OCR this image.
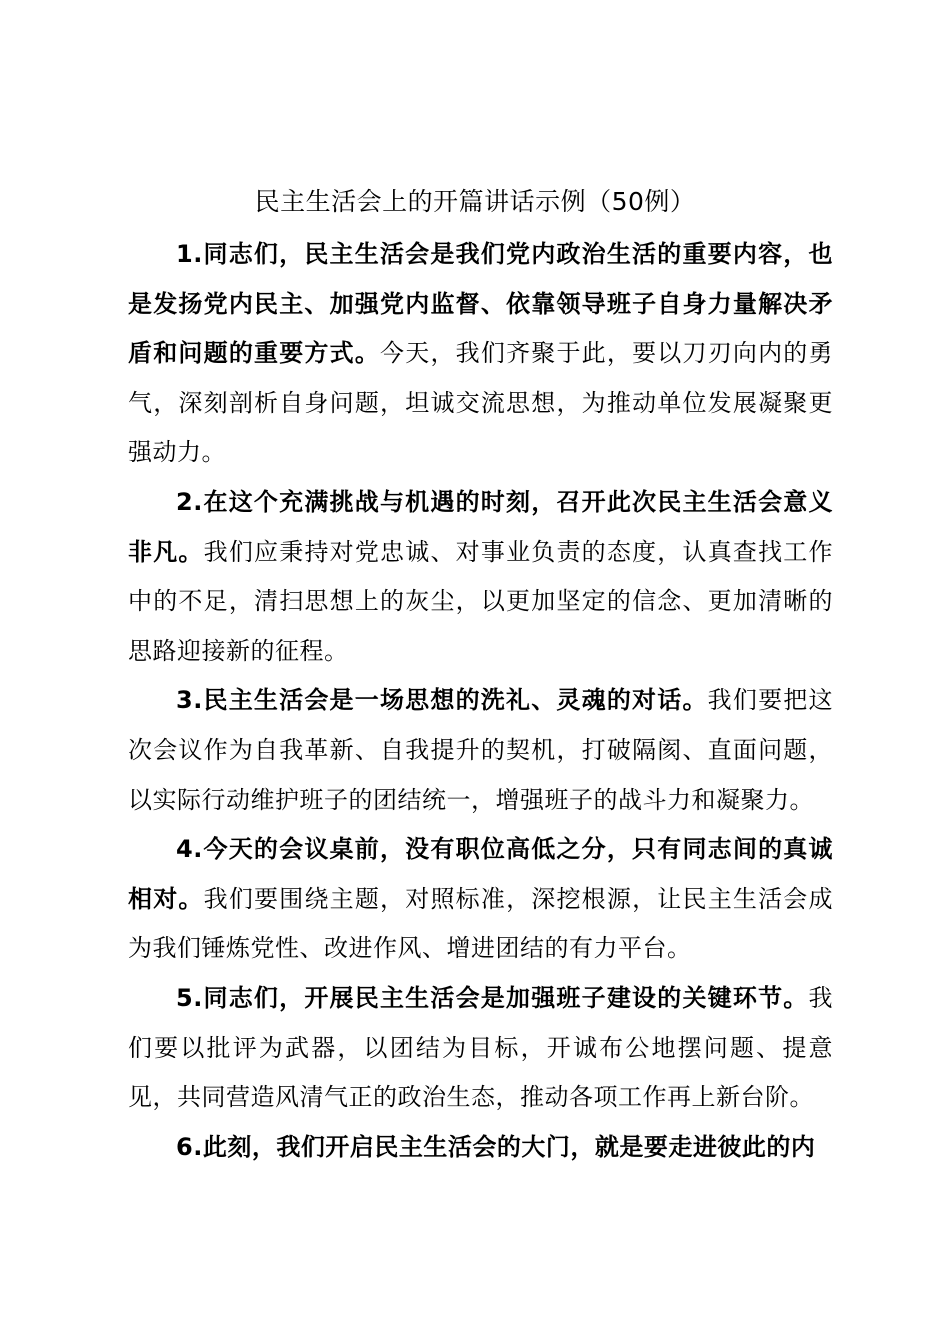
民主生活会上的开篇讲话示例（50例）

1.同志们，民主生活会是我们党内政治生活的重要内容，也是发扬党内民主、加强党内监督、依靠领导班子自身力量解决矛盾和问题的重要方式。今天，我们齐聚于此，要以刀刃向内的勇气，深刻剖析自身问题，坦诚交流思想，为推动单位发展凝聚更强动力。

2.在这个充满挑战与机遇的时刻，召开此次民主生活会意义非凡。我们应秉持对党忠诚、对事业负责的态度，认真查找工作中的不足，清扫思想上的灰尘，以更加坚定的信念、更加清晰的思路迎接新的征程。

3.民主生活会是一场思想的洗礼、灵魂的对话。我们要把这次会议作为自我革新、自我提升的契机，打破隔阂、直面问题，以实际行动维护班子的团结统一，增强班子的战斗力和凝聚力。

4.今天的会议桌前，没有职位高低之分，只有同志间的真诚相对。我们要围绕主题，对照标准，深挖根源，让民主生活会成为我们锤炼党性、改进作风、增进团结的有力平台。

5.同志们，开展民主生活会是加强班子建设的关键环节。我们要以批评为武器，以团结为目标，开诚布公地摆问题、提意见，共同营造风清气正的政治生态，推动各项工作再上新台阶。

6.此刻，我们开启民主生活会的大门，就是要走进彼此的内
